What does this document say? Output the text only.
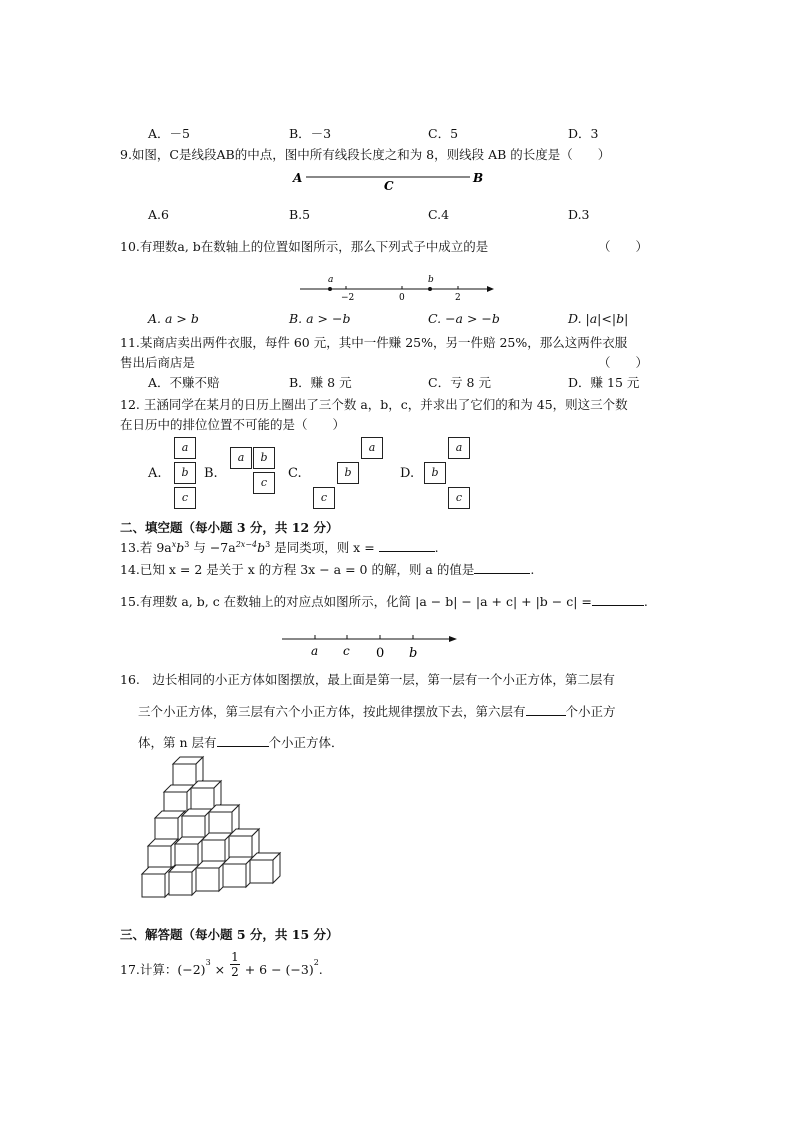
A．－5	B．－3	C．5	D．3
9.如图，C是线段AB的中点，图中所有线段长度之和为 8，则线段 AB 的长度是（　　）
A	B
C
A.6	B.5	C.4	D.3
10.有理数a, b在数轴上的位置如图所示，那么下列式子中成立的是	（　　）
a	b
−2	0	2
A. a > b	B. a > −b	C. −a > −b	D. |a|<|b|
11.某商店卖出两件衣服，每件 60 元，其中一件赚 25%，另一件赔 25%，那么这两件衣服
售出后商店是	（　　）
A．不赚不赔	B．赚 8 元	C．亏 8 元	D．赚 15 元
12. 王涵同学在某月的日历上圈出了三个数 a，b，c，并求出了它们的和为 45，则这三个数
在日历中的排位位置不可能的是（　　）
A.
a
b
c
B.
a	b
c
C.
a
b
c
D.
a
b
c
二、填空题（每小题 3 分，共 12 分）
13.若 $9a^xb^3$ 与 $-7a^{2x-4}b^3$ 是同类项，则 x =	.
14.已知 x = 2 是关于 x 的方程 3x − a = 0 的解，则 a 的值是	.
15.有理数 a, b, c 在数轴上的对应点如图所示，化简 |a − b| − |a + c| + |b − c| =	.
a c 0 b
16.　边长相同的小正方体如图摆放，最上面是第一层，第一层有一个小正方体，第二层有
三个小正方体，第三层有六个小正方体，按此规律摆放下去，第六层有	个小正方
体，第 n 层有	个小正方体．
三、解答题（每小题 5 分，共 15 分）
17.计算：$(-2)^3 \times \frac{1}{2} + 6 - (-3)^2$.
